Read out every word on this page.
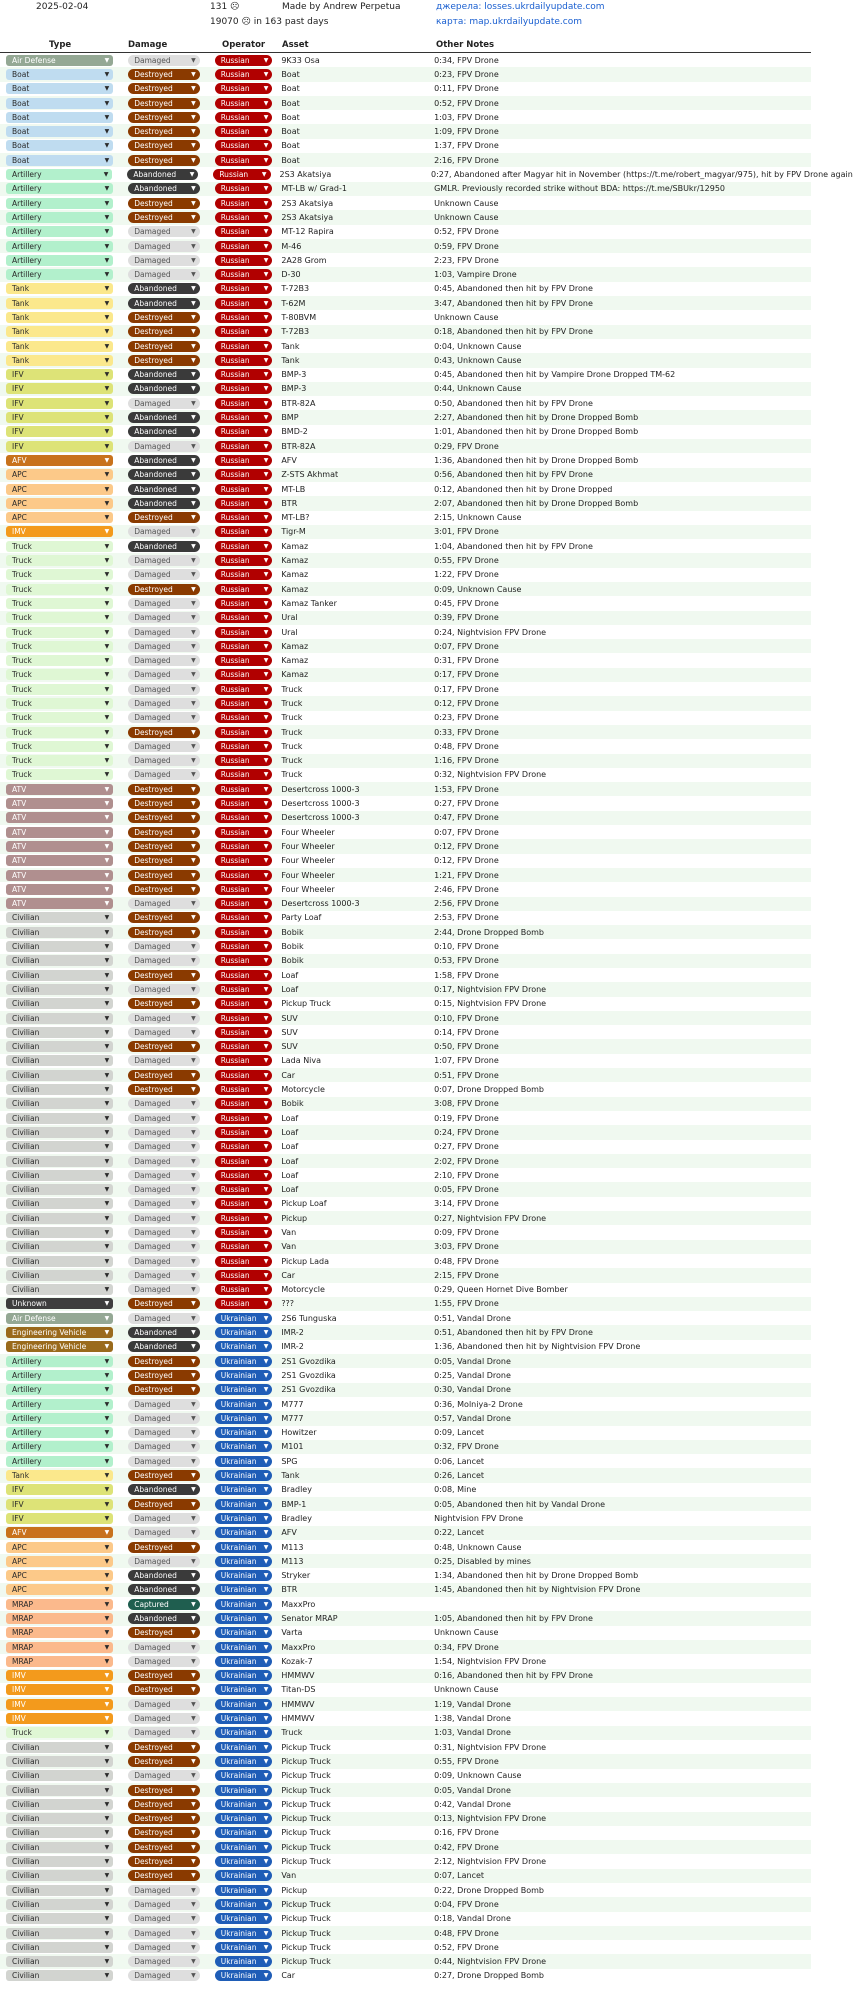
2025-02-04	131 ☹
19070 ☹ in 163 past days
Made by Andrew Perpetua	джерела: losses.ukrdailyupdate.com
карта: map.ukrdailyupdate.com
Type	Damage	Operator Asset	Other Notes
Air Defense	▼	Damaged	▼	Russian ▼ 9K33 Osa	0:34, FPV Drone
Boat	▼	Destroyed	▼	Russian ▼ Boat	0:23, FPV Drone
Boat	▼	Destroyed	▼	Russian ▼ Boat	0:11, FPV Drone
Boat	▼	Destroyed	▼	Russian ▼ Boat	0:52, FPV Drone
Boat	▼	Destroyed	▼	Russian ▼ Boat	1:03, FPV Drone
Boat	▼	Destroyed	▼	Russian ▼ Boat	1:09, FPV Drone
Boat	▼	Destroyed	▼	Russian ▼ Boat	1:37, FPV Drone
Boat	▼	Destroyed	▼	Russian ▼ Boat	2:16, FPV Drone
Artillery	▼	Abandoned ▼	Russian ▼ 2S3 Akatsiya	0:27, Abandoned after Magyar hit in November (https://t.me/robert_magyar/975), hit by FPV Drone again
Artillery	▼	Abandoned ▼	Russian ▼ MT-LB w/ Grad-1	GMLR. Previously recorded strike without BDA: https://t.me/SBUkr/12950
Artillery	▼	Destroyed	▼	Russian ▼ 2S3 Akatsiya	Unknown Cause
Artillery	▼	Destroyed	▼	Russian ▼ 2S3 Akatsiya	Unknown Cause
Artillery	▼	Damaged	▼	Russian ▼ MT-12 Rapira	0:52, FPV Drone
Artillery	▼	Damaged	▼	Russian ▼ M-46	0:59, FPV Drone
Artillery	▼	Damaged	▼	Russian ▼ 2A28 Grom	2:23, FPV Drone
Artillery	▼	Damaged	▼	Russian ▼ D-30	1:03, Vampire Drone
Tank	▼	Abandoned ▼	Russian ▼ T-72B3	0:45, Abandoned then hit by FPV Drone
Tank	▼	Abandoned ▼	Russian ▼ T-62M	3:47, Abandoned then hit by FPV Drone
Tank	▼	Destroyed	▼	Russian ▼ T-80BVM	Unknown Cause
Tank	▼	Destroyed	▼	Russian ▼ T-72B3	0:18, Abandoned then hit by FPV Drone
Tank	▼	Destroyed	▼	Russian ▼ Tank	0:04, Unknown Cause
Tank	▼	Destroyed	▼	Russian ▼ Tank	0:43, Unknown Cause
IFV	▼	Abandoned ▼	Russian ▼ BMP-3	0:45, Abandoned then hit by Vampire Drone Dropped TM-62
IFV	▼	Abandoned ▼	Russian ▼ BMP-3	0:44, Unknown Cause
IFV	▼	Damaged	▼	Russian ▼ BTR-82A	0:50, Abandoned then hit by FPV Drone
IFV	▼	Abandoned ▼	Russian ▼ BMP	2:27, Abandoned then hit by Drone Dropped Bomb
IFV	▼	Abandoned ▼	Russian ▼ BMD-2	1:01, Abandoned then hit by Drone Dropped Bomb
IFV	▼	Damaged	▼	Russian ▼ BTR-82A	0:29, FPV Drone
AFV	▼	Abandoned ▼	Russian ▼ AFV	1:36, Abandoned then hit by Drone Dropped Bomb
APC	▼	Abandoned ▼	Russian ▼ Z-STS Akhmat	0:56, Abandoned then hit by FPV Drone
APC	▼	Abandoned ▼	Russian ▼ MT-LB	0:12, Abandoned then hit by Drone Dropped
APC	▼	Abandoned ▼	Russian ▼ BTR	2:07, Abandoned then hit by Drone Dropped Bomb
APC	▼	Destroyed	▼	Russian ▼ MT-LB?	2:15, Unknown Cause
IMV	▼	Damaged	▼	Russian ▼ Tigr-M	3:01, FPV Drone
Truck	▼	Abandoned ▼	Russian ▼ Kamaz	1:04, Abandoned then hit by FPV Drone
Truck	▼	Damaged	▼	Russian ▼ Kamaz	0:55, FPV Drone
Truck	▼	Damaged	▼	Russian ▼ Kamaz	1:22, FPV Drone
Truck	▼	Destroyed	▼	Russian ▼ Kamaz	0:09, Unknown Cause
Truck	▼	Damaged	▼	Russian ▼ Kamaz Tanker	0:45, FPV Drone
Truck	▼	Damaged	▼	Russian ▼ Ural	0:39, FPV Drone
Truck	▼	Damaged	▼	Russian ▼ Ural	0:24, Nightvision FPV Drone
Truck	▼	Damaged	▼	Russian ▼ Kamaz	0:07, FPV Drone
Truck	▼	Damaged	▼	Russian ▼ Kamaz	0:31, FPV Drone
Truck	▼	Damaged	▼	Russian ▼ Kamaz	0:17, FPV Drone
Truck	▼	Damaged	▼	Russian ▼ Truck	0:17, FPV Drone
Truck	▼	Damaged	▼	Russian ▼ Truck	0:12, FPV Drone
Truck	▼	Damaged	▼	Russian ▼ Truck	0:23, FPV Drone
Truck	▼	Destroyed	▼	Russian ▼ Truck	0:33, FPV Drone
Truck	▼	Damaged	▼	Russian ▼ Truck	0:48, FPV Drone
Truck	▼	Damaged	▼	Russian ▼ Truck	1:16, FPV Drone
Truck	▼	Damaged	▼	Russian ▼ Truck	0:32, Nightvision FPV Drone
ATV	▼	Destroyed	▼	Russian ▼ Desertcross 1000-3	1:53, FPV Drone
ATV	▼	Destroyed	▼	Russian ▼ Desertcross 1000-3	0:27, FPV Drone
ATV	▼	Destroyed	▼	Russian ▼ Desertcross 1000-3	0:47, FPV Drone
ATV	▼	Destroyed	▼	Russian ▼ Four Wheeler	0:07, FPV Drone
ATV	▼	Destroyed	▼	Russian ▼ Four Wheeler	0:12, FPV Drone
ATV	▼	Destroyed	▼	Russian ▼ Four Wheeler	0:12, FPV Drone
ATV	▼	Destroyed	▼	Russian ▼ Four Wheeler	1:21, FPV Drone
ATV	▼	Destroyed	▼	Russian ▼ Four Wheeler	2:46, FPV Drone
ATV	▼	Damaged	▼	Russian ▼ Desertcross 1000-3	2:56, FPV Drone
Civilian	▼	Destroyed	▼	Russian ▼ Party Loaf	2:53, FPV Drone
Civilian	▼	Destroyed	▼	Russian ▼ Bobik	2:44, Drone Dropped Bomb
Civilian	▼	Damaged	▼	Russian ▼ Bobik	0:10, FPV Drone
Civilian	▼	Damaged	▼	Russian ▼ Bobik	0:53, FPV Drone
Civilian	▼	Destroyed	▼	Russian ▼ Loaf	1:58, FPV Drone
Civilian	▼	Damaged	▼	Russian ▼ Loaf	0:17, Nightvision FPV Drone
Civilian	▼	Destroyed	▼	Russian ▼ Pickup Truck	0:15, Nightvision FPV Drone
Civilian	▼	Damaged	▼	Russian ▼ SUV	0:10, FPV Drone
Civilian	▼	Damaged	▼	Russian ▼ SUV	0:14, FPV Drone
Civilian	▼	Destroyed	▼	Russian ▼ SUV	0:50, FPV Drone
Civilian	▼	Damaged	▼	Russian ▼ Lada Niva	1:07, FPV Drone
Civilian	▼	Destroyed	▼	Russian ▼ Car	0:51, FPV Drone
Civilian	▼	Destroyed	▼	Russian ▼ Motorcycle	0:07, Drone Dropped Bomb
Civilian	▼	Damaged	▼	Russian ▼ Bobik	3:08, FPV Drone
Civilian	▼	Damaged	▼	Russian ▼ Loaf	0:19, FPV Drone
Civilian	▼	Damaged	▼	Russian ▼ Loaf	0:24, FPV Drone
Civilian	▼	Damaged	▼	Russian ▼ Loaf	0:27, FPV Drone
Civilian	▼	Damaged	▼	Russian ▼ Loaf	2:02, FPV Drone
Civilian	▼	Damaged	▼	Russian ▼ Loaf	2:10, FPV Drone
Civilian	▼	Damaged	▼	Russian ▼ Loaf	0:05, FPV Drone
Civilian	▼	Damaged	▼	Russian ▼ Pickup Loaf	3:14, FPV Drone
Civilian	▼	Damaged	▼	Russian ▼ Pickup	0:27, Nightvision FPV Drone
Civilian	▼	Damaged	▼	Russian ▼ Van	0:09, FPV Drone
Civilian	▼	Damaged	▼	Russian ▼ Van	3:03, FPV Drone
Civilian	▼	Damaged	▼	Russian ▼ Pickup Lada	0:48, FPV Drone
Civilian	▼	Damaged	▼	Russian ▼ Car	2:15, FPV Drone
Civilian	▼	Damaged	▼	Russian ▼ Motorcycle	0:29, Queen Hornet Dive Bomber
Unknown	▼	Destroyed	▼	Russian ▼ ???	1:55, FPV Drone
Air Defense	▼	Damaged	▼	Ukrainian ▼ 2S6 Tunguska	0:51, Vandal Drone
Engineering Vehicle	▼	Abandoned ▼	Ukrainian ▼ IMR-2	0:51, Abandoned then hit by FPV Drone
Engineering Vehicle	▼	Abandoned ▼	Ukrainian ▼ IMR-2	1:36, Abandoned then hit by Nightvision FPV Drone
Artillery	▼	Destroyed	▼	Ukrainian ▼ 2S1 Gvozdika	0:05, Vandal Drone
Artillery	▼	Destroyed	▼	Ukrainian ▼ 2S1 Gvozdika	0:25, Vandal Drone
Artillery	▼	Destroyed	▼	Ukrainian ▼ 2S1 Gvozdika	0:30, Vandal Drone
Artillery	▼	Damaged	▼	Ukrainian ▼ M777	0:36, Molniya-2 Drone
Artillery	▼	Damaged	▼	Ukrainian ▼ M777	0:57, Vandal Drone
Artillery	▼	Damaged	▼	Ukrainian ▼ Howitzer	0:09, Lancet
Artillery	▼	Damaged	▼	Ukrainian ▼ M101	0:32, FPV Drone
Artillery	▼	Damaged	▼	Ukrainian ▼ SPG	0:06, Lancet
Tank	▼	Destroyed	▼	Ukrainian ▼ Tank	0:26, Lancet
IFV	▼	Abandoned ▼	Ukrainian ▼ Bradley	0:08, Mine
IFV	▼	Destroyed	▼	Ukrainian ▼ BMP-1	0:05, Abandoned then hit by Vandal Drone
IFV	▼	Damaged	▼	Ukrainian ▼ Bradley	Nightvision FPV Drone
AFV	▼	Damaged	▼	Ukrainian ▼ AFV	0:22, Lancet
APC	▼	Destroyed	▼	Ukrainian ▼ M113	0:48, Unknown Cause
APC	▼	Damaged	▼	Ukrainian ▼ M113	0:25, Disabled by mines
APC	▼	Abandoned ▼	Ukrainian ▼ Stryker	1:34, Abandoned then hit by Drone Dropped Bomb
APC	▼	Abandoned ▼	Ukrainian ▼ BTR	1:45, Abandoned then hit by Nightvision FPV Drone
MRAP	▼	Captured	▼	Ukrainian ▼ MaxxPro
MRAP	▼	Abandoned ▼	Ukrainian ▼ Senator MRAP	1:05, Abandoned then hit by FPV Drone
MRAP	▼	Destroyed	▼	Ukrainian ▼ Varta	Unknown Cause
MRAP	▼	Damaged	▼	Ukrainian ▼ MaxxPro	0:34, FPV Drone
MRAP	▼	Damaged	▼	Ukrainian ▼ Kozak-7	1:54, Nightvision FPV Drone
IMV	▼	Destroyed	▼	Ukrainian ▼ HMMWV	0:16, Abandoned then hit by FPV Drone
IMV	▼	Destroyed	▼	Ukrainian ▼ Titan-DS	Unknown Cause
IMV	▼	Damaged	▼	Ukrainian ▼ HMMWV	1:19, Vandal Drone
IMV	▼	Damaged	▼	Ukrainian ▼ HMMWV	1:38, Vandal Drone
Truck	▼	Damaged	▼	Ukrainian ▼ Truck	1:03, Vandal Drone
Civilian	▼	Destroyed	▼	Ukrainian ▼ Pickup Truck	0:31, Nightvision FPV Drone
Civilian	▼	Destroyed	▼	Ukrainian ▼ Pickup Truck	0:55, FPV Drone
Civilian	▼	Damaged	▼	Ukrainian ▼ Pickup Truck	0:09, Unknown Cause
Civilian	▼	Destroyed	▼	Ukrainian ▼ Pickup Truck	0:05, Vandal Drone
Civilian	▼	Destroyed	▼	Ukrainian ▼ Pickup Truck	0:42, Vandal Drone
Civilian	▼	Destroyed	▼	Ukrainian ▼ Pickup Truck	0:13, Nightvision FPV Drone
Civilian	▼	Destroyed	▼	Ukrainian ▼ Pickup Truck	0:16, FPV Drone
Civilian	▼	Destroyed	▼	Ukrainian ▼ Pickup Truck	0:42, FPV Drone
Civilian	▼	Destroyed	▼	Ukrainian ▼ Pickup Truck	2:12, Nightvision FPV Drone
Civilian	▼	Destroyed	▼	Ukrainian ▼ Van	0:07, Lancet
Civilian	▼	Damaged	▼	Ukrainian ▼ Pickup	0:22, Drone Dropped Bomb
Civilian	▼	Damaged	▼	Ukrainian ▼ Pickup Truck	0:04, FPV Drone
Civilian	▼	Damaged	▼	Ukrainian ▼ Pickup Truck	0:18, Vandal Drone
Civilian	▼	Damaged	▼	Ukrainian ▼ Pickup Truck	0:48, FPV Drone
Civilian	▼	Damaged	▼	Ukrainian ▼ Pickup Truck	0:52, FPV Drone
Civilian	▼	Damaged	▼	Ukrainian ▼ Pickup Truck	0:44, Nightvision FPV Drone
Civilian	▼	Damaged	▼	Ukrainian ▼ Car	0:27, Drone Dropped Bomb
